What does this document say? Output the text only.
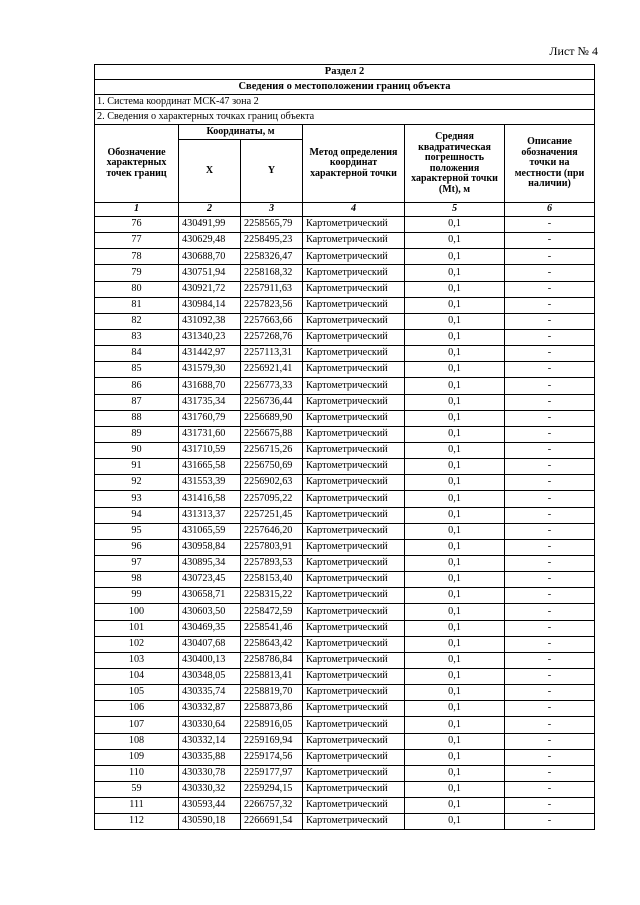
Лист № 4
Раздел 2					
Сведения о местоположении границ объекта					
1. Система координат МСК-47 зона 2					
2. Сведения о характерных точках границ объекта					
Обозначение характерных точек границ	Координаты, м		Метод определения координат характерной точки	Средняя квадратическая погрешность положения характерной точки (Mt), м	Описание обозначения точки на местности (при наличии)
	X	Y			
1	2	3	4	5	6
76	430491,99	2258565,79	Картометрический	0,1	-
77	430629,48	2258495,23	Картометрический	0,1	-
78	430688,70	2258326,47	Картометрический	0,1	-
79	430751,94	2258168,32	Картометрический	0,1	-
80	430921,72	2257911,63	Картометрический	0,1	-
81	430984,14	2257823,56	Картометрический	0,1	-
82	431092,38	2257663,66	Картометрический	0,1	-
83	431340,23	2257268,76	Картометрический	0,1	-
84	431442,97	2257113,31	Картометрический	0,1	-
85	431579,30	2256921,41	Картометрический	0,1	-
86	431688,70	2256773,33	Картометрический	0,1	-
87	431735,34	2256736,44	Картометрический	0,1	-
88	431760,79	2256689,90	Картометрический	0,1	-
89	431731,60	2256675,88	Картометрический	0,1	-
90	431710,59	2256715,26	Картометрический	0,1	-
91	431665,58	2256750,69	Картометрический	0,1	-
92	431553,39	2256902,63	Картометрический	0,1	-
93	431416,58	2257095,22	Картометрический	0,1	-
94	431313,37	2257251,45	Картометрический	0,1	-
95	431065,59	2257646,20	Картометрический	0,1	-
96	430958,84	2257803,91	Картометрический	0,1	-
97	430895,34	2257893,53	Картометрический	0,1	-
98	430723,45	2258153,40	Картометрический	0,1	-
99	430658,71	2258315,22	Картометрический	0,1	-
100	430603,50	2258472,59	Картометрический	0,1	-
101	430469,35	2258541,46	Картометрический	0,1	-
102	430407,68	2258643,42	Картометрический	0,1	-
103	430400,13	2258786,84	Картометрический	0,1	-
104	430348,05	2258813,41	Картометрический	0,1	-
105	430335,74	2258819,70	Картометрический	0,1	-
106	430332,87	2258873,86	Картометрический	0,1	-
107	430330,64	2258916,05	Картометрический	0,1	-
108	430332,14	2259169,94	Картометрический	0,1	-
109	430335,88	2259174,56	Картометрический	0,1	-
110	430330,78	2259177,97	Картометрический	0,1	-
59	430330,32	2259294,15	Картометрический	0,1	-
111	430593,44	2266757,32	Картометрический	0,1	-
112	430590,18	2266691,54	Картометрический	0,1	-
